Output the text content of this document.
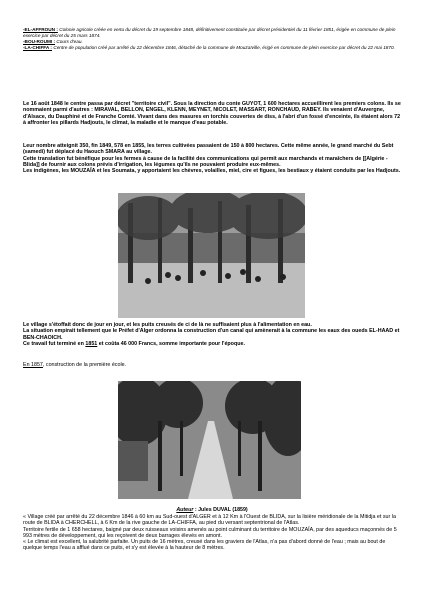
-EL-AFFROUN : Colonie agricole créée en vertu du décret du 19 septembre 1848, définitivement constituée par décret présidentiel du 11 février 1851, érigée en commune de plein exercice par décret du 25 mars 1874.

-BOU-ROUMI : Cours d'eau.

-LA-CHIFFA : Centre de population créé par arrêté du 22 décembre 1846, détaché de la commune de Mouzaïville, érigé en commune de plein exercice par décret du 22 mai 1870.

Le 16 août 1848 le centre passa par décret "territoire civil". Sous la direction du conte GUYOT, 1 600 hectares accueillirent les premiers colons. Ils se nommaient parmi d'autres : MIRAVAL, BELLON, ENGEL, KLENN, MEYNET, NICOLET, MASSART, RONCHAUD, RABEY. Ils venaient d'Auvergne, d'Alsace, du Dauphiné et de Franche Comté. Vivant dans des masures en torchis couvertes de diss, à l'abri d'un fossé d'enceinte, ils étaient alors 72 à affronter les pillards Hadjouts, le climat, la maladie et le manque d'eau potable.

Leur nombre atteignit 350, fin 1849, 578 en 1855, les terres cultivées passaient de 150 à 800 hectares. Cette même année, le grand marché du Sebt (samedi) fut déplacé du Haouch SMARA au village.

Cette translation fut bénéfique pour les fermes à cause de la facilité des communications qui permit aux marchands et maraîchers de [[Algérie - Blida]] de fournir aux colons prévis d'irrigation, les légumes qu'ils ne pouvaient produire eux-mêmes.

Les indigènes, les MOUZAÏA et les Soumata, y apportaient les chèvres, volailles, miel, cire et figues, les bestiaux y étaient conduits par les Hadjouts.

Le village s'étoffait donc de jour en jour, et les puits creusés de ci de là ne suffisaient plus à l'alimentation en eau.

La situation empirait tellement que le Préfet d'Alger ordonna la construction d'un canal qui amènerait à la commune les eaux des oueds EL-HAAD et BEN-CHAOICH.

Ce travail fut terminé en 1851 et coûta 46 000 Francs, somme importante pour l'époque.

En 1857, construction de la première école.

Auteur : Jules DUVAL (1859)

« Village créé par arrêté du 22 décembre 1846 à 60 km au Sud-ouest d'ALGER et à 12 Km à l'Ouest de BLIDA, sur la lisière méridionale de la Mitidja et sur la route de BLIDA à CHERCHELL, à 6 Km de la rive gauche de LA-CHIFFA, au pied du versant septentrional de l'Atlas.

Territoire fertile de 1 658 hectares, baigné par deux ruisseaux voisins amenés au point culminant du territoire de MOUZAÏA, par des aqueducs maçonnés de 5 993 mètres de développement, qui les reçoivent de deux barrages élevés en amont.

« Le climat est excellent, la salubrité parfaite. Un puits de 16 mètres, creusé dans les graviers de l'Atlas, n'a pas d'abord donné de l'eau ; mais au bout de quelque temps l'eau a afflué dans ce puits, et s'y est élevée à la hauteur de 8 mètres.
